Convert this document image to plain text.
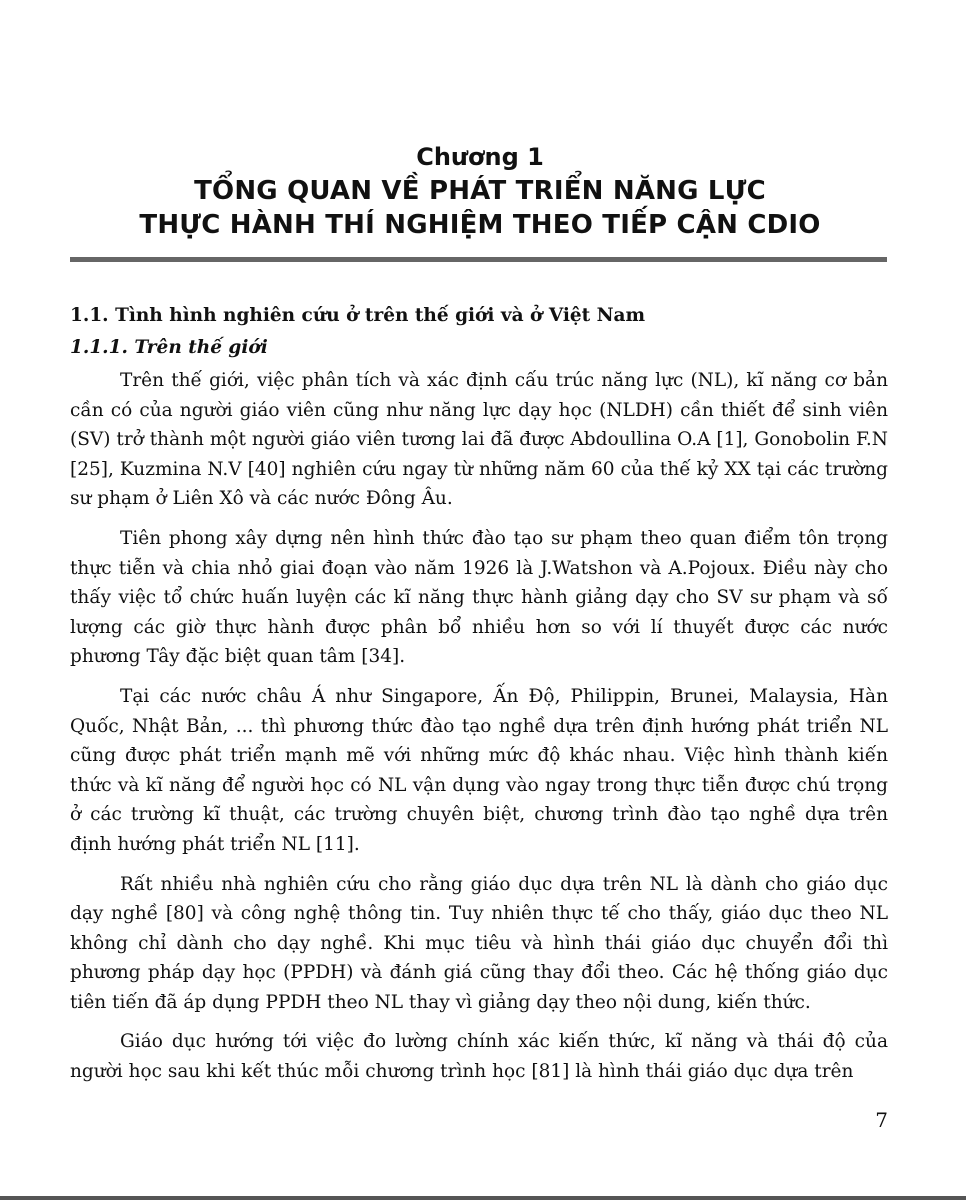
Chương 1
TỔNG QUAN VỀ PHÁT TRIỂN NĂNG LỰC
THỰC HÀNH THÍ NGHIỆM THEO TIẾP CẬN CDIO

1.1. Tình hình nghiên cứu ở trên thế giới và ở Việt Nam

1.1.1. Trên thế giới

Trên thế giới, việc phân tích và xác định cấu trúc năng lực (NL), kĩ năng cơ bản cần có của người giáo viên cũng như năng lực dạy học (NLDH) cần thiết để sinh viên (SV) trở thành một người giáo viên tương lai đã được Abdoullina O.A [1], Gonobolin F.N [25], Kuzmina N.V [40] nghiên cứu ngay từ những năm 60 của thế kỷ XX tại các trường sư phạm ở Liên Xô và các nước Đông Âu.

Tiên phong xây dựng nên hình thức đào tạo sư phạm theo quan điểm tôn trọng thực tiễn và chia nhỏ giai đoạn vào năm 1926 là J.Watshon và A.Pojoux. Điều này cho thấy việc tổ chức huấn luyện các kĩ năng thực hành giảng dạy cho SV sư phạm và số lượng các giờ thực hành được phân bổ nhiều hơn so với lí thuyết được các nước phương Tây đặc biệt quan tâm [34].

Tại các nước châu Á như Singapore, Ấn Độ, Philippin, Brunei, Malaysia, Hàn Quốc, Nhật Bản, ... thì phương thức đào tạo nghề dựa trên định hướng phát triển NL cũng được phát triển mạnh mẽ với những mức độ khác nhau. Việc hình thành kiến thức và kĩ năng để người học có NL vận dụng vào ngay trong thực tiễn được chú trọng ở các trường kĩ thuật, các trường chuyên biệt, chương trình đào tạo nghề dựa trên định hướng phát triển NL [11].

Rất nhiều nhà nghiên cứu cho rằng giáo dục dựa trên NL là dành cho giáo dục dạy nghề [80] và công nghệ thông tin. Tuy nhiên thực tế cho thấy, giáo dục theo NL không chỉ dành cho dạy nghề. Khi mục tiêu và hình thái giáo dục chuyển đổi thì phương pháp dạy học (PPDH) và đánh giá cũng thay đổi theo. Các hệ thống giáo dục tiên tiến đã áp dụng PPDH theo NL thay vì giảng dạy theo nội dung, kiến thức.

Giáo dục hướng tới việc đo lường chính xác kiến thức, kĩ năng và thái độ của người học sau khi kết thúc mỗi chương trình học [81] là hình thái giáo dục dựa trên

7
